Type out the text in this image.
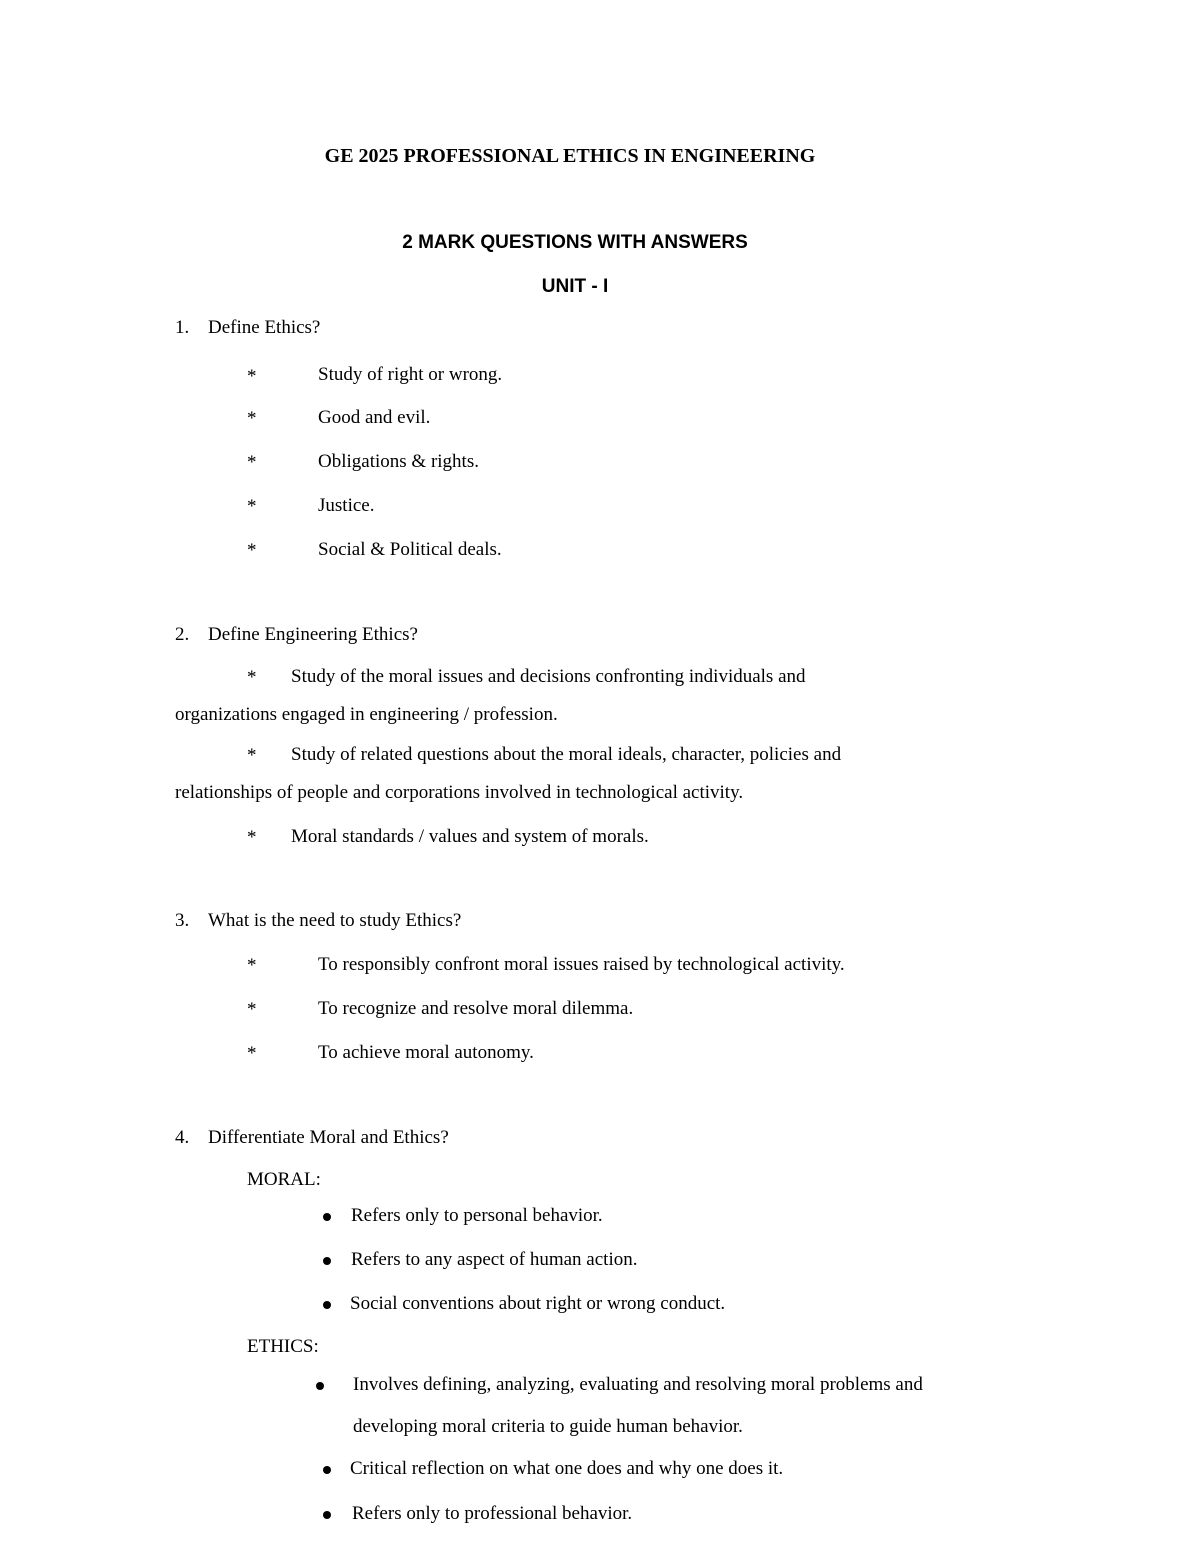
GE 2025 PROFESSIONAL ETHICS IN ENGINEERING
2 MARK QUESTIONS WITH ANSWERS
UNIT - I
1. Define Ethics?
*	Study of right or wrong.
*	Good and evil.
*	Obligations & rights.
*	Justice.
*	Social & Political deals.
2. Define Engineering Ethics?
* Study of the moral issues and decisions confronting individuals and
organizations engaged in engineering / profession.
* Study of related questions about the moral ideals, character, policies and
relationships of people and corporations involved in technological activity.
* Moral standards / values and system of morals.
3. What is the need to study Ethics?
*	To responsibly confront moral issues raised by technological activity.
*	To recognize and resolve moral dilemma.
*	To achieve moral autonomy.
4. Differentiate Moral and Ethics?
MORAL:
Refers only to personal behavior.
Refers to any aspect of human action.
Social conventions about right or wrong conduct.
ETHICS:
Involves defining, analyzing, evaluating and resolving moral problems and
developing moral criteria to guide human behavior.
Critical reflection on what one does and why one does it.
Refers only to professional behavior.
